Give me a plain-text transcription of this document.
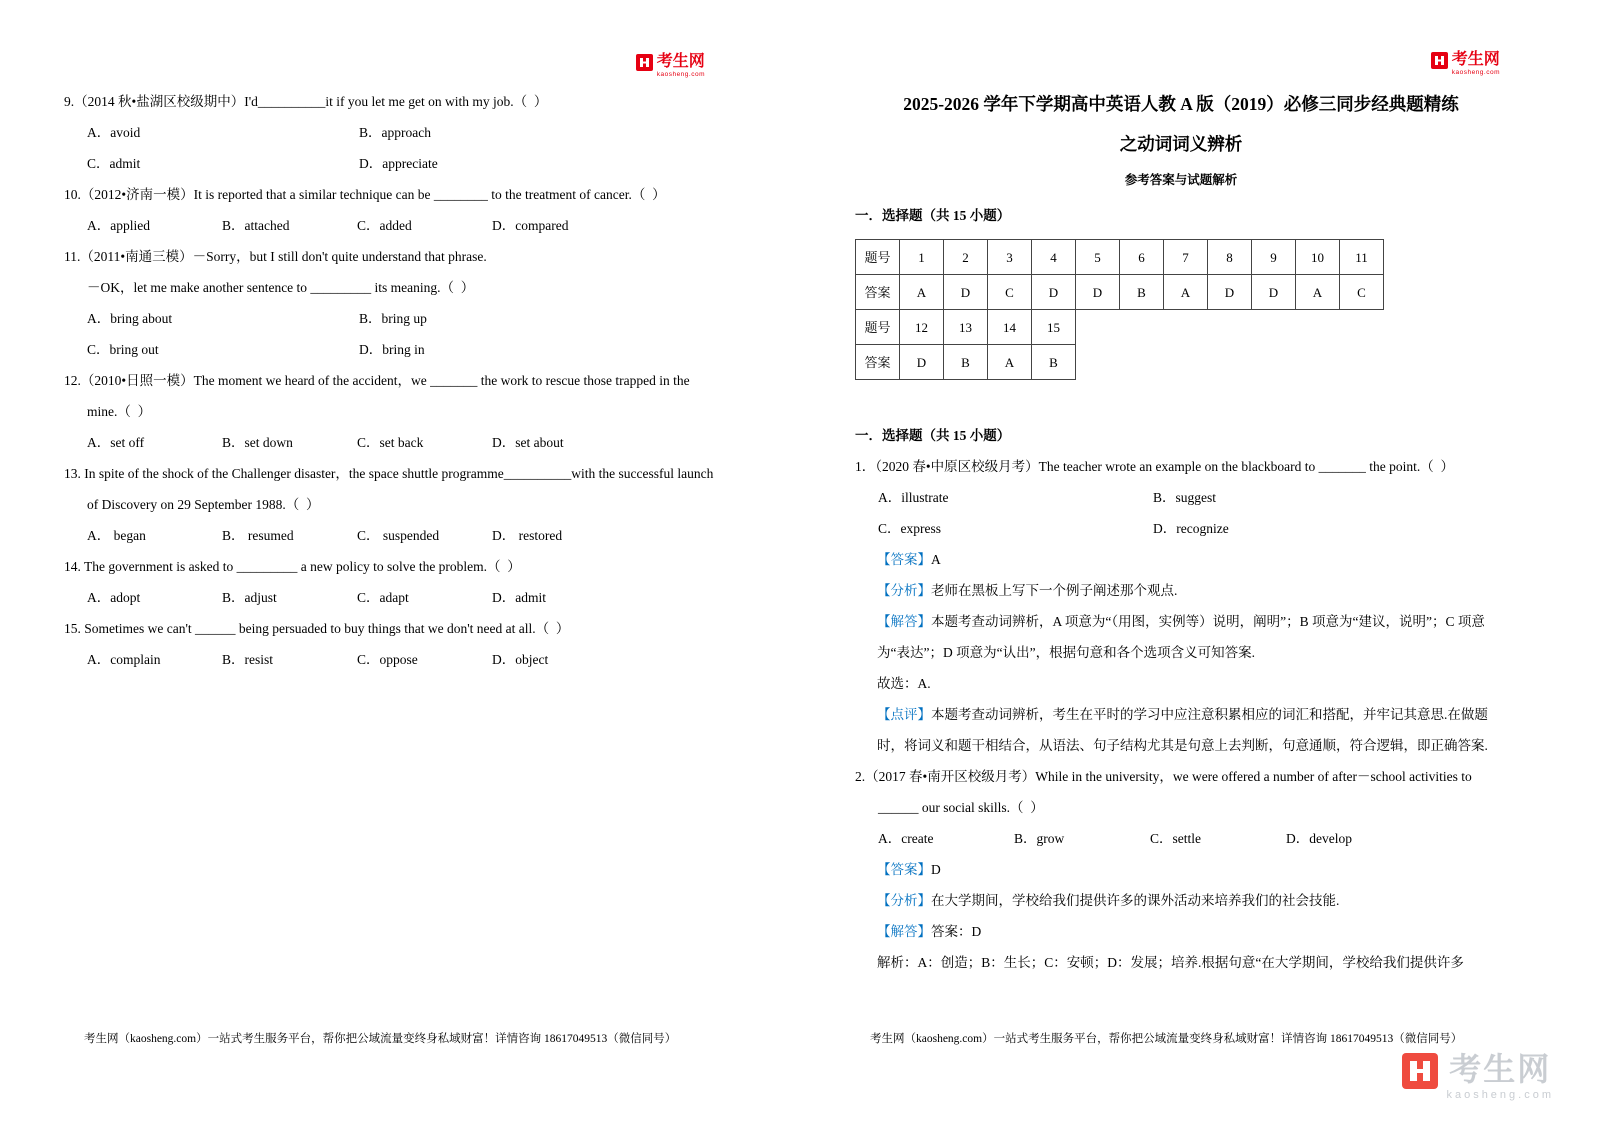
考生网
kaosheng.com

9.（2014 秋•盐湖区校级期中）I'd__________it if you let me get on with my job.（  ）

A．avoid	B．approach
C．admit	D．appreciate

10.（2012•济南一模）It is reported that a similar technique can be ________ to the treatment of cancer.（  ）

A．applied	B．attached	C．added	D．compared

11.（2011•南通三模）－Sorry，but I still don't quite understand that phrase.

－OK，let me make another sentence to _________ its meaning.（  ）

A．bring about	B．bring up
C．bring out	D．bring in

12.（2010•日照一模）The moment we heard of the accident，we _______ the work to rescue those trapped in the mine.（  ）

A．set off	B．set down	C．set back	D．set about

13. In spite of the shock of the Challenger disaster，the space shuttle programme__________with the successful launch of Discovery on 29 September 1988.（  ）

A． began	B． resumed	C． suspended	D． restored

14. The government is asked to _________ a new policy to solve the problem.（  ）

A．adopt	B．adjust	C．adapt	D．admit

15. Sometimes we can't ______ being persuaded to buy things that we don't need at all.（  ）

A．complain	B．resist	C．oppose	D．object
考生网（kaosheng.com）一站式考生服务平台，帮你把公域流量变终身私域财富！详情咨询 18617049513（微信同号）
考生网
kaosheng.com

2025-2026 学年下学期高中英语人教 A 版（2019）必修三同步经典题精练

之动词词义辨析

参考答案与试题解析

一．选择题（共 15 小题）

题号	1	2	3	4	5	6	7	8	9	10	11
答案	A	D	C	D	D	B	A	D	D	A	C
题号	12	13	14	15
答案	D	B	A	B

一．选择题（共 15 小题）

1．（2020 春•中原区校级月考）The teacher wrote an example on the blackboard to _______ the point.（  ）

A．illustrate	B．suggest
C．express	D．recognize

【答案】A

【分析】老师在黑板上写下一个例子阐述那个观点.

【解答】本题考查动词辨析，A 项意为“（用图，实例等）说明，阐明”；B 项意为“建议，说明”；C 项意为“表达”；D 项意为“认出”，根据句意和各个选项含义可知答案.

故选：A.

【点评】本题考查动词辨析，考生在平时的学习中应注意积累相应的词汇和搭配，并牢记其意思.在做题时，将词义和题干相结合，从语法、句子结构尤其是句意上去判断，句意通顺，符合逻辑，即正确答案.

2.（2017 春•南开区校级月考）While in the university，we were offered a number of after－school activities to ______ our social skills.（  ）

A．create	B．grow	C．settle	D．develop

【答案】D

【分析】在大学期间，学校给我们提供许多的课外活动来培养我们的社会技能.

【解答】答案：D

解析：A：创造；B：生长；C：安顿；D：发展；培养.根据句意“在大学期间，学校给我们提供许多

考生网（kaosheng.com）一站式考生服务平台，帮你把公域流量变终身私域财富！详情咨询 18617049513（微信同号）
考生网
kaosheng.com
